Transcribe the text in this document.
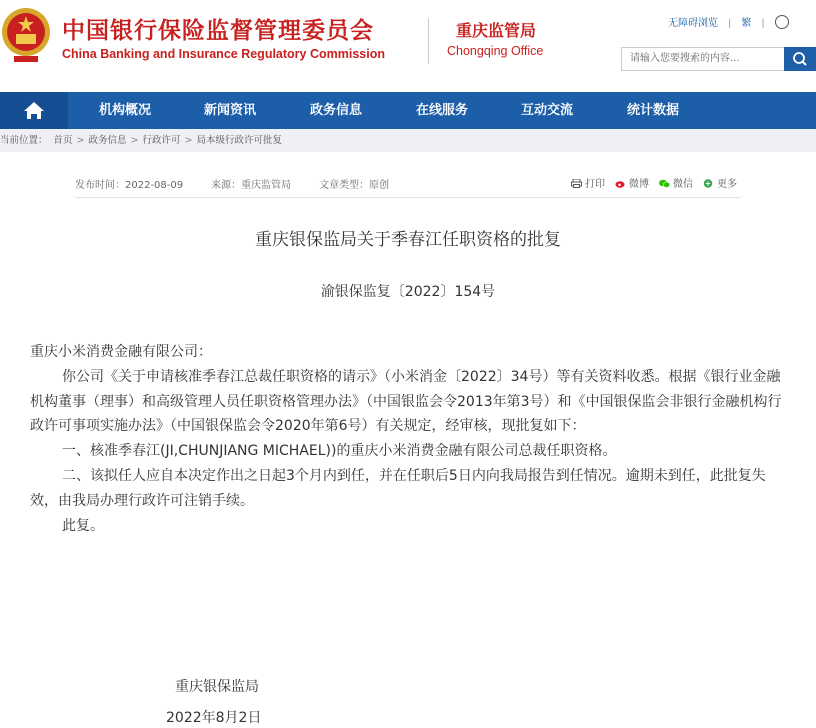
中国银行保险监督管理委员会
China Banking and Insurance Regulatory Commission
重庆监管局
Chongqing Office
无障碍浏览 | 繁 |
请输入您要搜索的内容...
机构概况	新闻资讯	政务信息	在线服务	互动交流	统计数据
当前位置： 首页 > 政务信息 > 行政许可 > 局本级行政许可批复
发布时间：2022-08-09	来源：重庆监管局	文章类型：原创	打印 微博 微信 更多
重庆银保监局关于季春江任职资格的批复
渝银保监复〔2022〕154号

重庆小米消费金融有限公司：

你公司《关于申请核准季春江总裁任职资格的请示》（小米消金〔2022〕34号）等有关资料收悉。根据《银行业金融机构董事（理事）和高级管理人员任职资格管理办法》（中国银监会令2013年第3号）和《中国银保监会非银行金融机构行政许可事项实施办法》（中国银保监会令2020年第6号）有关规定，经审核，现批复如下：

一、核准季春江(JI,CHUNJIANG MICHAEL))的重庆小米消费金融有限公司总裁任职资格。

二、该拟任人应自本决定作出之日起3个月内到任，并在任职后5日内向我局报告到任情况。逾期未到任，此批复失效，由我局办理行政许可注销手续。

此复。

重庆银保监局
2022年8月2日
